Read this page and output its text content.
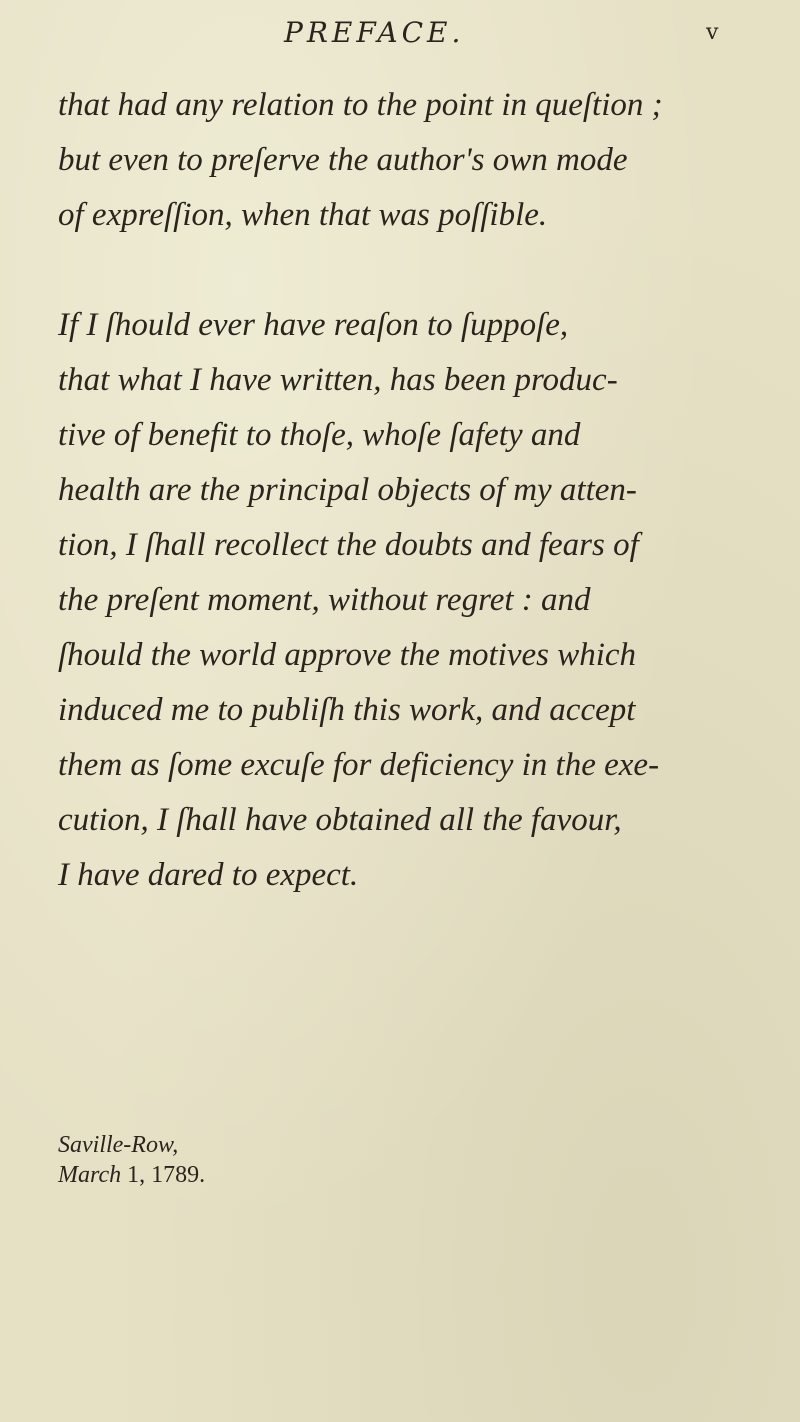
PREFACE.	v
that had any relation to the point in queſtion ;
but even to preſerve the author's own mode
of expreſſion, when that was poſſible.
If I ſhould ever have reaſon to ſuppoſe,
that what I have written, has been produc-
tive of benefit to thoſe, whoſe ſafety and
health are the principal objects of my atten-
tion, I ſhall recollect the doubts and fears of
the preſent moment, without regret : and
ſhould the world approve the motives which
induced me to publiſh this work, and accept
them as ſome excuſe for deficiency in the exe-
cution, I ſhall have obtained all the favour,
I have dared to expect.
Saville-Row,
March 1, 1789.
